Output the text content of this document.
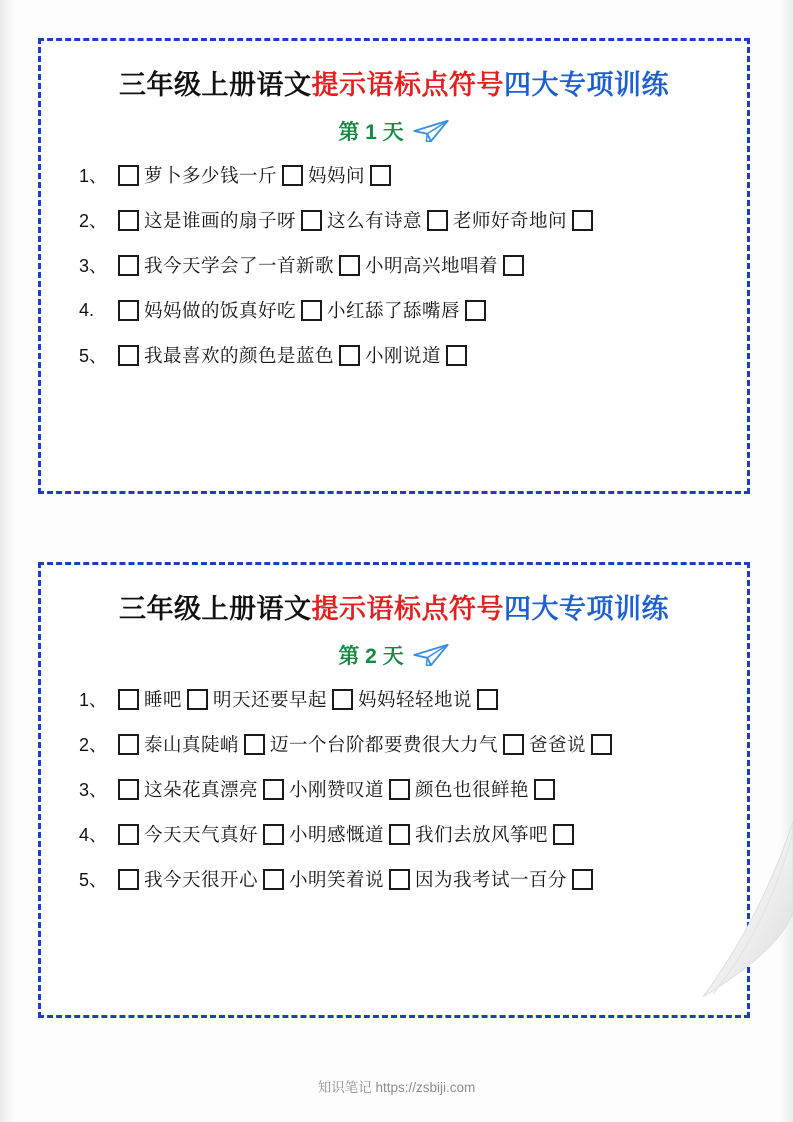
三年级上册语文提示语标点符号四大专项训练
第 1 天
1、	萝卜多少钱一斤 妈妈问
2、	这是谁画的扇子呀 这么有诗意 老师好奇地问
3、	我今天学会了一首新歌 小明高兴地唱着
4.	妈妈做的饭真好吃 小红舔了舔嘴唇
5、	我最喜欢的颜色是蓝色 小刚说道
三年级上册语文提示语标点符号四大专项训练
第 2 天
1、	睡吧 明天还要早起 妈妈轻轻地说
2、	泰山真陡峭 迈一个台阶都要费很大力气 爸爸说
3、	这朵花真漂亮 小刚赞叹道 颜色也很鲜艳
4、	今天天气真好 小明感慨道 我们去放风筝吧
5、	我今天很开心 小明笑着说 因为我考试一百分
知识笔记 https://zsbiji.com
